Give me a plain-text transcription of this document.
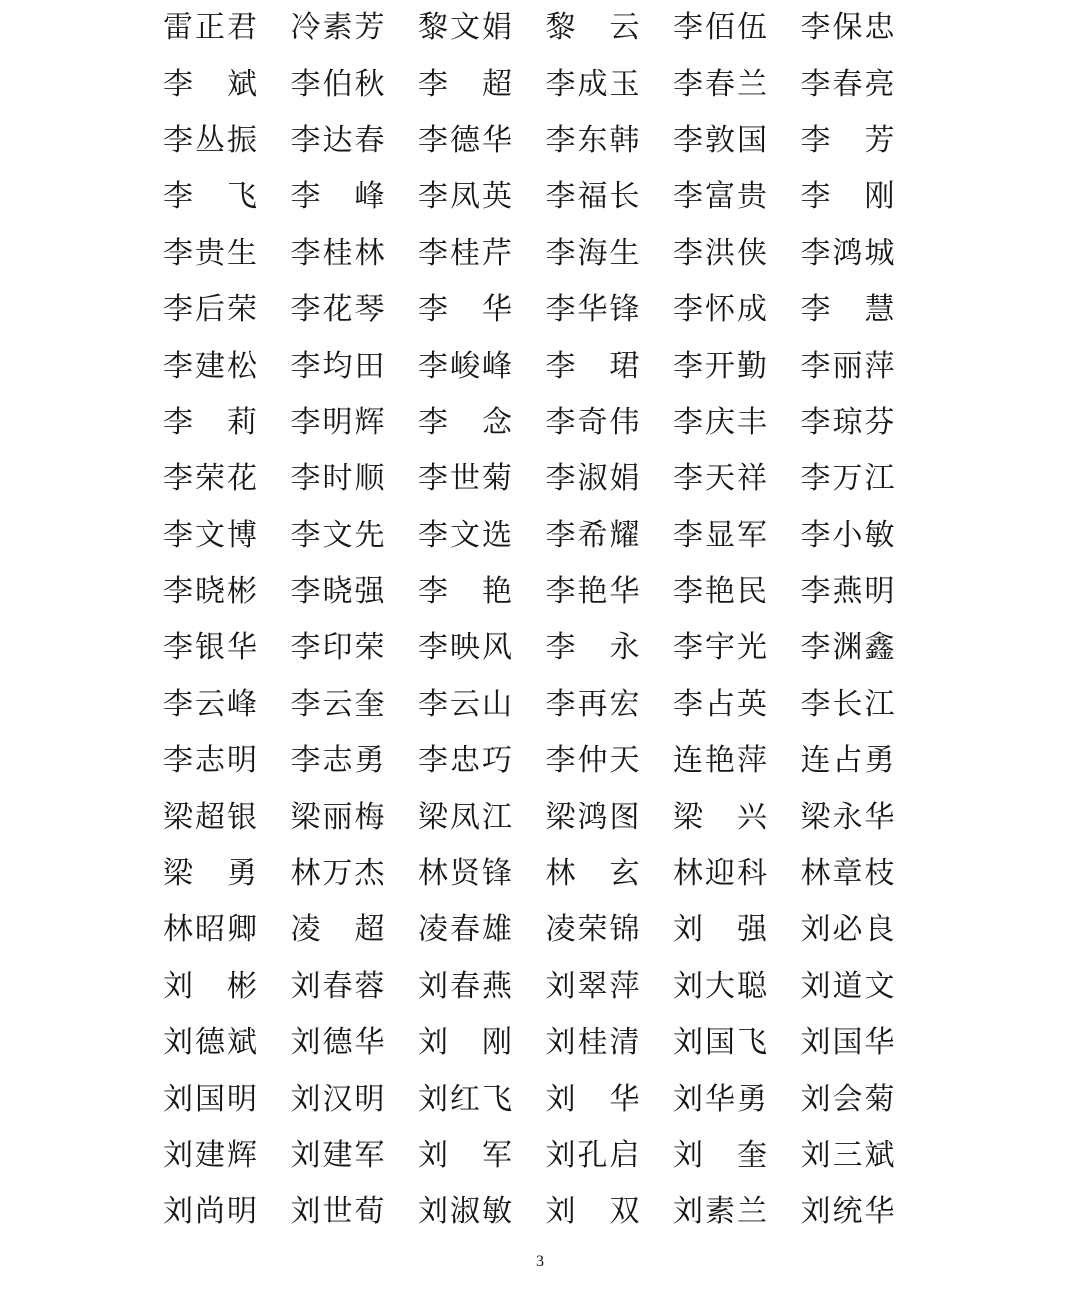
雷正君	冷素芳	黎文娟	黎　云	李佰伍	李保忠
李　斌	李伯秋	李　超	李成玉	李春兰	李春亮
李丛振	李达春	李德华	李东韩	李敦国	李　芳
李　飞	李　峰	李凤英	李福长	李富贵	李　刚
李贵生	李桂林	李桂芹	李海生	李洪侠	李鸿城
李后荣	李花琴	李　华	李华锋	李怀成	李　慧
李建松	李均田	李峻峰	李　珺	李开勤	李丽萍
李　莉	李明辉	李　念	李奇伟	李庆丰	李琼芬
李荣花	李时顺	李世菊	李淑娟	李天祥	李万江
李文博	李文先	李文选	李希耀	李显军	李小敏
李晓彬	李晓强	李　艳	李艳华	李艳民	李燕明
李银华	李印荣	李映风	李　永	李宇光	李渊鑫
李云峰	李云奎	李云山	李再宏	李占英	李长江
李志明	李志勇	李忠巧	李仲天	连艳萍	连占勇
梁超银	梁丽梅	梁凤江	梁鸿图	梁　兴	梁永华
梁　勇	林万杰	林贤锋	林　玄	林迎科	林章枝
林昭卿	凌　超	凌春雄	凌荣锦	刘　强	刘必良
刘　彬	刘春蓉	刘春燕	刘翠萍	刘大聪	刘道文
刘德斌	刘德华	刘　刚	刘桂清	刘国飞	刘国华
刘国明	刘汉明	刘红飞	刘　华	刘华勇	刘会菊
刘建辉	刘建军	刘　军	刘孔启	刘　奎	刘三斌
刘尚明	刘世荀	刘淑敏	刘　双	刘素兰	刘统华
3
